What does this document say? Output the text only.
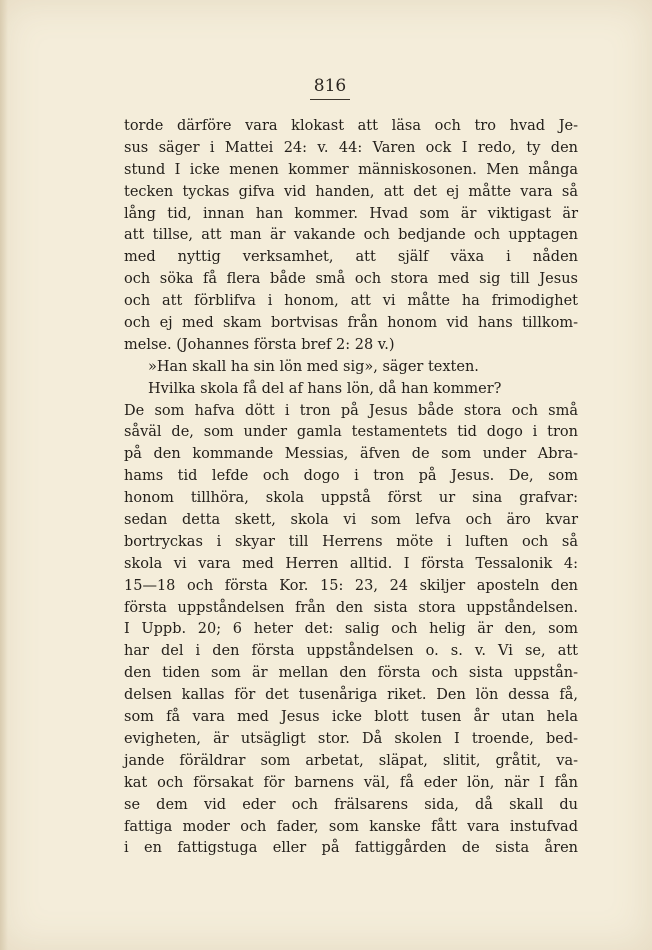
816
torde därföre vara klokast att läsa och tro hvad Je-
sus säger i Mattei 24: v. 44: Varen ock I redo, ty den
stund I icke menen kommer människosonen. Men många
tecken tyckas gifva vid handen, att det ej måtte vara så
lång tid, innan han kommer. Hvad som är viktigast är
att tillse, att man är vakande och bedjande och upptagen
med nyttig verksamhet, att själf växa i nåden
och söka få flera både små och stora med sig till Jesus
och att förblifva i honom, att vi måtte ha frimodighet
och ej med skam bortvisas från honom vid hans tillkom-
melse. (Johannes första bref 2: 28 v.)
»Han skall ha sin lön med sig», säger texten.
Hvilka skola få del af hans lön, då han kommer?
De som hafva dött i tron på Jesus både stora och små
såväl de, som under gamla testamentets tid dogo i tron
på den kommande Messias, äfven de som under Abra-
hams tid lefde och dogo i tron på Jesus. De, som
honom tillhöra, skola uppstå först ur sina grafvar:
sedan detta skett, skola vi som lefva och äro kvar
bortryckas i skyar till Herrens möte i luften och så
skola vi vara med Herren alltid. I första Tessalonik 4:
15—18 och första Kor. 15: 23, 24 skiljer aposteln den
första uppståndelsen från den sista stora uppståndelsen.
I Uppb. 20; 6 heter det: salig och helig är den, som
har del i den första uppståndelsen o. s. v. Vi se, att
den tiden som är mellan den första och sista uppstån-
delsen kallas för det tusenåriga riket. Den lön dessa få,
som få vara med Jesus icke blott tusen år utan hela
evigheten, är utsägligt stor. Då skolen I troende, bed-
jande föräldrar som arbetat, släpat, slitit, gråtit, va-
kat och försakat för barnens väl, få eder lön, när I fån
se dem vid eder och frälsarens sida, då skall du
fattiga moder och fader, som kanske fått vara instufvad
i en fattigstuga eller på fattiggården de sista åren
